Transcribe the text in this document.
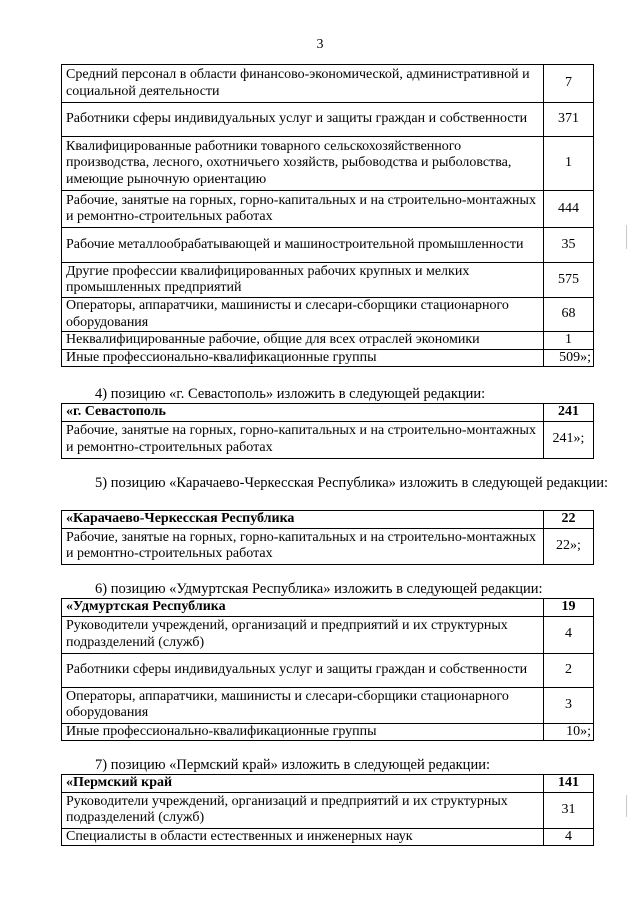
3
Средний персонал в области финансово-экономической, административной и социальной деятельности	7
Работники сферы индивидуальных услуг и защиты граждан и собственности	371
Квалифицированные работники товарного сельскохозяйственного производства, лесного, охотничьего хозяйств, рыбоводства и рыболовства, имеющие рыночную ориентацию	1
Рабочие, занятые на горных, горно-капитальных и на строительно-монтажных и ремонтно-строительных работах	444
Рабочие металлообрабатывающей и машиностроительной промышленности	35
Другие профессии квалифицированных рабочих крупных и мелких промышленных предприятий	575
Операторы, аппаратчики, машинисты и слесари-сборщики стационарного оборудования	68
Неквалифицированные рабочие, общие для всех отраслей экономики	1
Иные профессионально-квалификационные группы	509»;
4) позицию «г. Севастополь» изложить в следующей редакции:
«г. Севастополь	241
Рабочие, занятые на горных, горно-капитальных и на строительно-монтажных и ремонтно-строительных работах	241»;
5) позицию «Карачаево-Черкесская Республика» изложить в следующей редакции:
«Карачаево-Черкесская Республика	22
Рабочие, занятые на горных, горно-капитальных и на строительно-монтажных и ремонтно-строительных работах	22»;
6) позицию «Удмуртская Республика» изложить в следующей редакции:
«Удмуртская Республика	19
Руководители учреждений, организаций и предприятий и их структурных подразделений (служб)	4
Работники сферы индивидуальных услуг и защиты граждан и собственности	2
Операторы, аппаратчики, машинисты и слесари-сборщики стационарного оборудования	3
Иные профессионально-квалификационные группы	10»;
7) позицию «Пермский край» изложить в следующей редакции:
«Пермский край	141
Руководители учреждений, организаций и предприятий и их структурных подразделений (служб)	31
Специалисты в области естественных и инженерных наук	4
